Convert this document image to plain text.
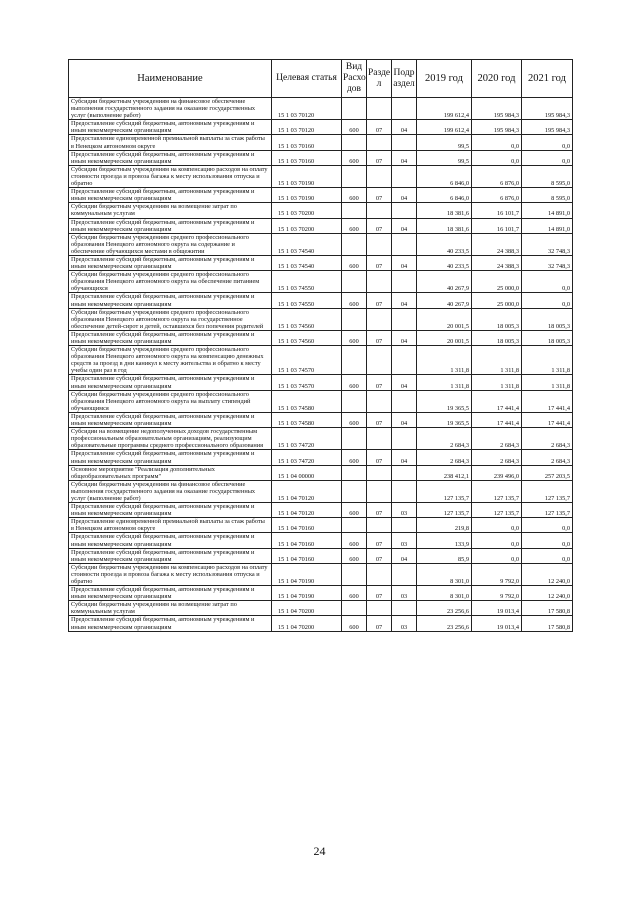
Наименование	Целевая статья	Вид Расхо дов	Разде л	Подр аздел	2019 год	2020 год	2021 год
Субсидии бюджетным учреждениям на финансовое обеспечение выполнения государственного задания на оказание государственных услуг (выполнение работ)	15 1 03 70120				199 612,4	195 984,3	195 984,3
Предоставление субсидий бюджетным, автономным учреждениям и иным некоммерческим организациям	15 1 03 70120	600	07	04	199 612,4	195 984,3	195 984,3
Предоставление единовременной премиальной выплаты за стаж работы в Ненецком автономном округе	15 1 03 70160				99,5	0,0	0,0
Предоставление субсидий бюджетным, автономным учреждениям и иным некоммерческим организациям	15 1 03 70160	600	07	04	99,5	0,0	0,0
Субсидии бюджетным учреждениям на компенсацию расходов на оплату стоимости проезда и провоза багажа к месту использования отпуска и обратно	15 1 03 70190				6 846,0	6 876,0	8 595,0
Предоставление субсидий бюджетным, автономным учреждениям и иным некоммерческим организациям	15 1 03 70190	600	07	04	6 846,0	6 876,0	8 595,0
Субсидии бюджетным учреждениям на возмещение затрат по коммунальным услугам	15 1 03 70200				18 381,6	16 101,7	14 891,0
Предоставление субсидий бюджетным, автономным учреждениям и иным некоммерческим организациям	15 1 03 70200	600	07	04	18 381,6	16 101,7	14 891,0
Субсидии бюджетным учреждениям среднего профессионального образования Ненецкого автономного округа на содержание и обеспечение обучающихся местами в общежитии	15 1 03 74540				40 233,5	24 388,3	32 748,3
Предоставление субсидий бюджетным, автономным учреждениям и иным некоммерческим организациям	15 1 03 74540	600	07	04	40 233,5	24 388,3	32 748,3
Субсидии бюджетным учреждениям среднего профессионального образования Ненецкого автономного округа на обеспечение питанием обучающихся	15 1 03 74550				40 267,9	25 000,0	0,0
Предоставление субсидий бюджетным, автономным учреждениям и иным некоммерческим организациям	15 1 03 74550	600	07	04	40 267,9	25 000,0	0,0
Субсидии бюджетным учреждениям среднего профессионального образования Ненецкого автономного округа на государственное обеспечение детей-сирот и детей, оставшихся без попечения родителей	15 1 03 74560				20 001,5	18 005,3	18 005,3
Предоставление субсидий бюджетным, автономным учреждениям и иным некоммерческим организациям	15 1 03 74560	600	07	04	20 001,5	18 005,3	18 005,3
Субсидии бюджетным учреждениям среднего профессионального образования Ненецкого автономного округа на компенсацию денежных средств за проезд в дни каникул к месту жительства и обратно к месту учебы один раз в год	15 1 03 74570				1 311,8	1 311,8	1 311,8
Предоставление субсидий бюджетным, автономным учреждениям и иным некоммерческим организациям	15 1 03 74570	600	07	04	1 311,8	1 311,8	1 311,8
Субсидии бюджетным учреждениям среднего профессионального образования Ненецкого автономного округа на выплату стипендий обучающимся	15 1 03 74580				19 365,5	17 441,4	17 441,4
Предоставление субсидий бюджетным, автономным учреждениям и иным некоммерческим организациям	15 1 03 74580	600	07	04	19 365,5	17 441,4	17 441,4
Субсидии на возмещение недополученных доходов государственным профессиональным образовательным организациям, реализующим образовательные программы среднего профессионального образования	15 1 03 74720				2 684,3	2 684,3	2 684,3
Предоставление субсидий бюджетным, автономным учреждениям и иным некоммерческим организациям	15 1 03 74720	600	07	04	2 684,3	2 684,3	2 684,3
Основное мероприятие "Реализация дополнительных общеобразовательных программ"	15 1 04 00000				238 412,1	239 496,0	257 203,5
Субсидии бюджетным учреждениям на финансовое обеспечение выполнения государственного задания на оказание государственных услуг (выполнение работ)	15 1 04 70120				127 135,7	127 135,7	127 135,7
Предоставление субсидий бюджетным, автономным учреждениям и иным некоммерческим организациям	15 1 04 70120	600	07	03	127 135,7	127 135,7	127 135,7
Предоставление единовременной премиальной выплаты за стаж работы в Ненецком автономном округе	15 1 04 70160				219,8	0,0	0,0
Предоставление субсидий бюджетным, автономным учреждениям и иным некоммерческим организациям	15 1 04 70160	600	07	03	133,9	0,0	0,0
Предоставление субсидий бюджетным, автономным учреждениям и иным некоммерческим организациям	15 1 04 70160	600	07	04	85,9	0,0	0,0
Субсидии бюджетным учреждениям на компенсацию расходов на оплату стоимости проезда и провоза багажа к месту использования отпуска и обратно	15 1 04 70190				8 301,0	9 792,0	12 240,0
Предоставление субсидий бюджетным, автономным учреждениям и иным некоммерческим организациям	15 1 04 70190	600	07	03	8 301,0	9 792,0	12 240,0
Субсидии бюджетным учреждениям на возмещение затрат по коммунальным услугам	15 1 04 70200				23 256,6	19 013,4	17 580,8
Предоставление субсидий бюджетным, автономным учреждениям и иным некоммерческим организациям	15 1 04 70200	600	07	03	23 256,6	19 013,4	17 580,8
24
